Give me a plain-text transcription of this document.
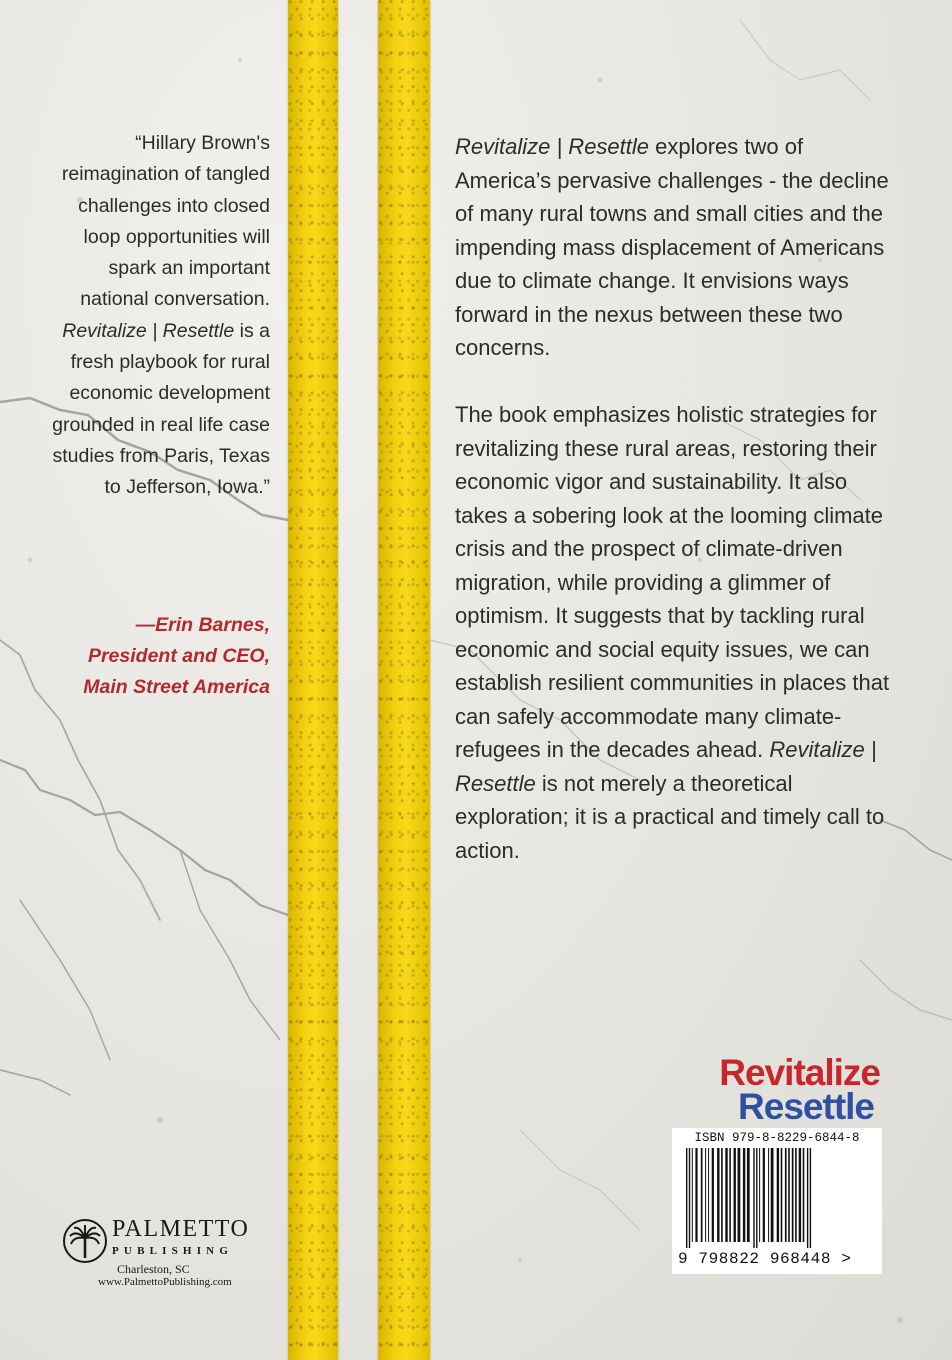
“Hillary Brown's reimagination of tangled challenges into closed loop opportunities will spark an important national conversation. Revitalize | Resettle is a fresh playbook for rural economic development grounded in real life case studies from Paris, Texas to Jefferson, Iowa.”

—Erin Barnes,
President and CEO,
Main Street America

Revitalize | Resettle explores two of America’s pervasive challenges - the decline of many rural towns and small cities and the impending mass displacement of Americans due to climate change. It envisions ways forward in the nexus between these two concerns.

The book emphasizes holistic strategies for revitalizing these rural areas, restoring their economic vigor and sustainability. It also takes a sobering look at the looming climate crisis and the prospect of climate-driven migration, while providing a glimmer of optimism. It suggests that by tackling rural economic and social equity issues, we can establish resilient communities in places that can safely accommodate many climate-refugees in the decades ahead. Revitalize | Resettle is not merely a theoretical exploration; it is a practical and timely call to action.

PALMETTO
PUBLISHING
Charleston, SC
www.PalmettoPublishing.com
Revitalize
Resettle
ISBN 979-8-8229-6844-8
9 798822 968448 >
